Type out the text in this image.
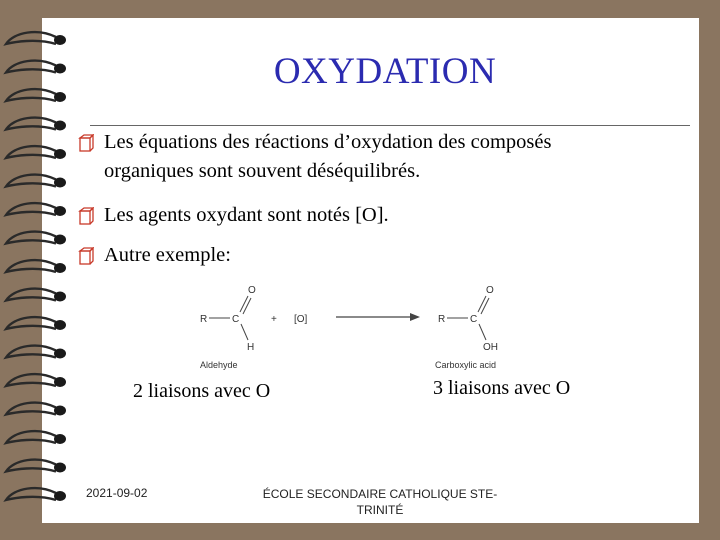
OXYDATION
Les équations des réactions d’oxydation des composés
organiques sont souvent déséquilibrés.
Les agents oxydant sont notés [O].
Autre exemple:
R C
O
H
Aldehyde
+ [O]	R C
O
OH
Carboxylic acid
2 liaisons avec O	3 liaisons avec O
2021-09-02	ÉCOLE SECONDAIRE CATHOLIQUE STE-
TRINITÉ
